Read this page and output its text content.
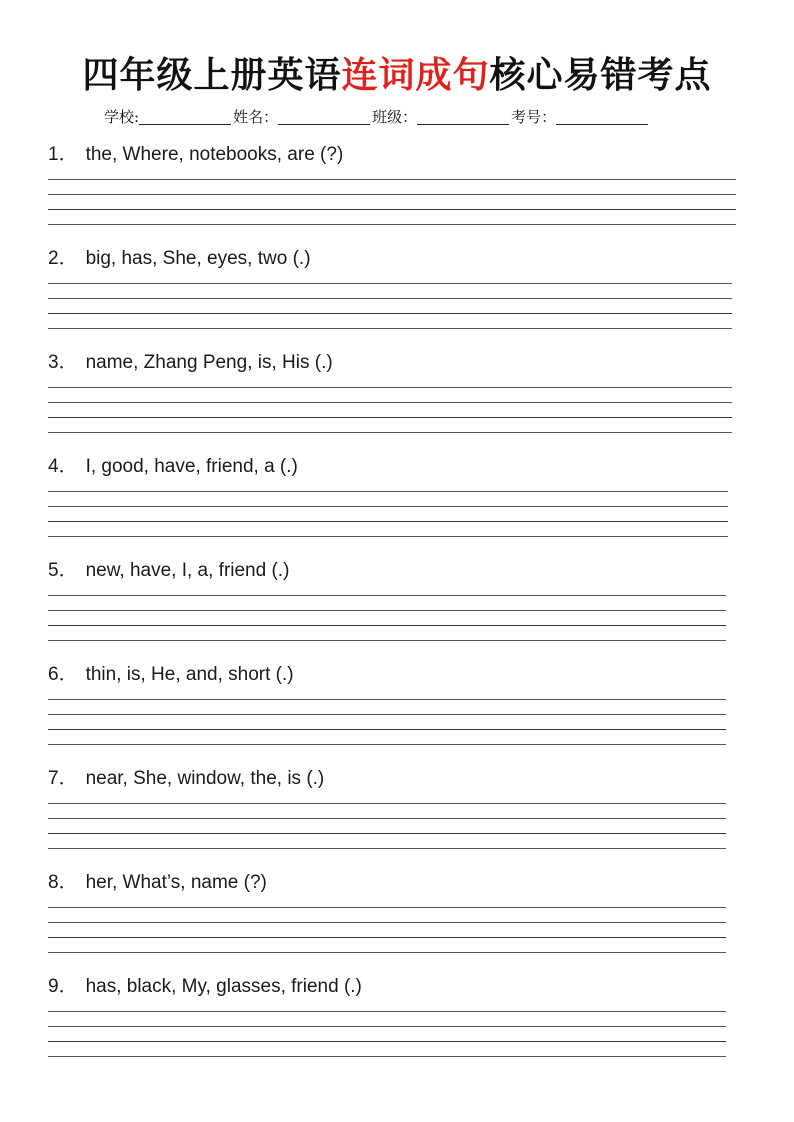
四年级上册英语连词成句核心易错考点
学校:	姓名：	班级：	考号：
1． the, Where, notebooks, are (?)
2． big, has, She, eyes, two (.)
3． name, Zhang Peng, is, His (.)
4． I, good, have, friend, a (.)
5． new, have, I, a, friend (.)
6． thin, is, He, and, short (.)
7． near, She, window, the, is (.)
8． her, What’s, name (?)
9． has, black, My, glasses, friend (.)
